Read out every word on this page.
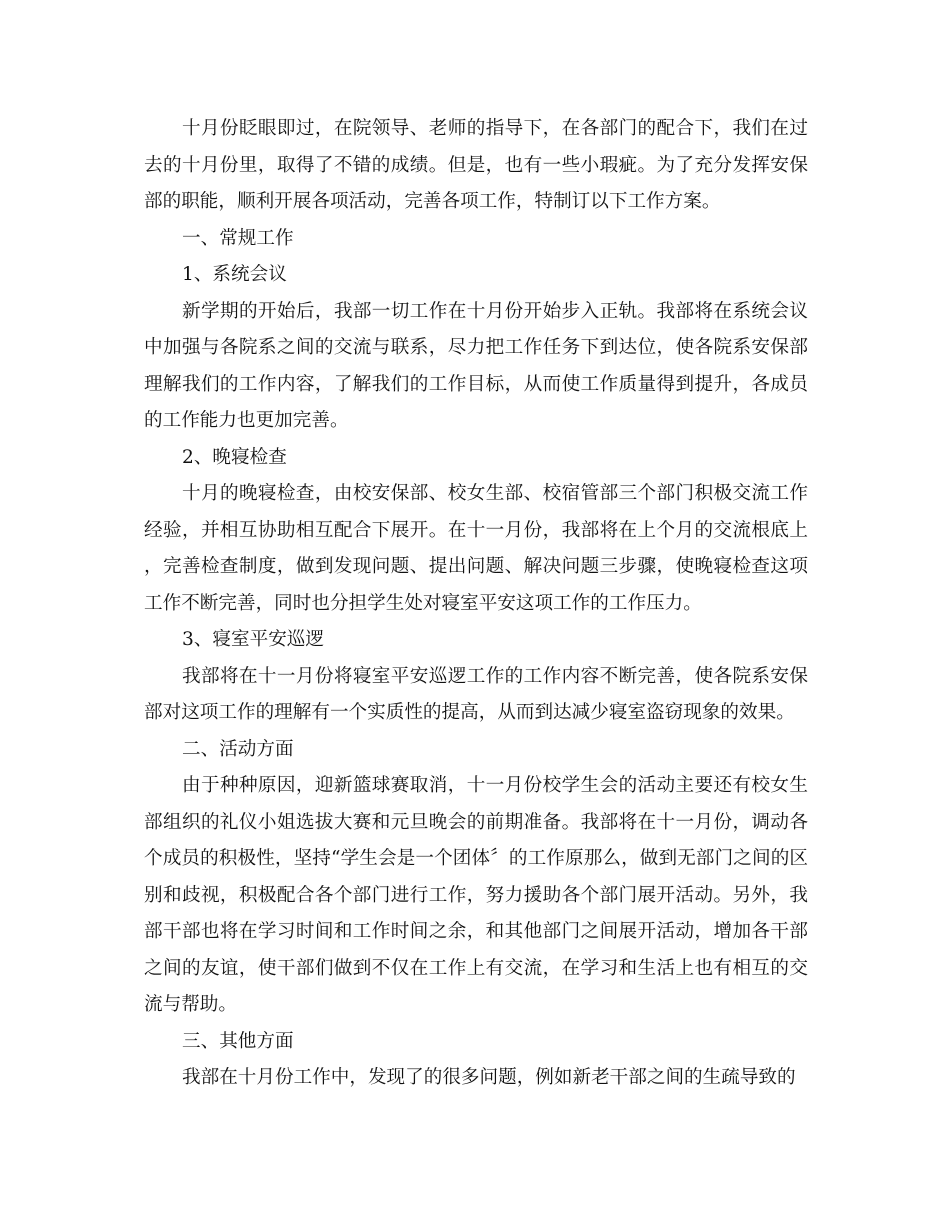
十月份眨眼即过，在院领导、老师的指导下，在各部门的配合下，我们在过去的十月份里，取得了不错的成绩。但是，也有一些小瑕疵。为了充分发挥安保部的职能，顺利开展各项活动，完善各项工作，特制订以下工作方案。

一、常规工作

1、系统会议

新学期的开始后，我部一切工作在十月份开始步入正轨。我部将在系统会议中加强与各院系之间的交流与联系，尽力把工作任务下到达位，使各院系安保部理解我们的工作内容，了解我们的工作目标，从而使工作质量得到提升，各成员的工作能力也更加完善。

2、晚寝检查

十月的晚寝检查，由校安保部、校女生部、校宿管部三个部门积极交流工作经验，并相互协助相互配合下展开。在十一月份，我部将在上个月的交流根底上，完善检查制度，做到发现问题、提出问题、解决问题三步骤，使晚寝检查这项工作不断完善，同时也分担学生处对寝室平安这项工作的工作压力。

3、寝室平安巡逻

我部将在十一月份将寝室平安巡逻工作的工作内容不断完善，使各院系安保部对这项工作的理解有一个实质性的提高，从而到达减少寝室盗窃现象的效果。

二、活动方面

由于种种原因，迎新篮球赛取消，十一月份校学生会的活动主要还有校女生部组织的礼仪小姐选拔大赛和元旦晚会的前期准备。我部将在十一月份，调动各个成员的积极性，坚持“学生会是一个团体〞的工作原那么，做到无部门之间的区别和歧视，积极配合各个部门进行工作，努力援助各个部门展开活动。另外，我部干部也将在学习时间和工作时间之余，和其他部门之间展开活动，增加各干部之间的友谊，使干部们做到不仅在工作上有交流，在学习和生活上也有相互的交流与帮助。

三、其他方面

我部在十月份工作中，发现了的很多问题，例如新老干部之间的生疏导致的
